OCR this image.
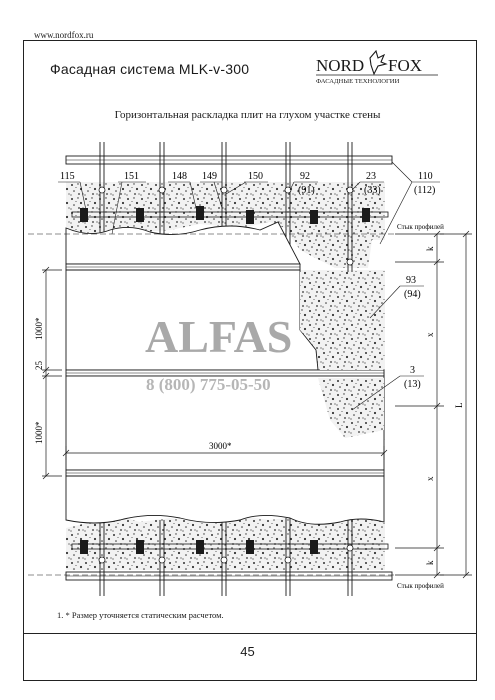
www.nordfox.ru
Фасадная система MLK-v-300	NORD FOX
ФАСАДНЫЕ ТЕХНОЛОГИИ
Горизонтальная раскладка плит на глухом участке стены
ALFAS
8 (800) 775-05-50
115	151	148 149	150	92
(91)
23
(33)
110
(112)
93
(94)
3
(13)
Стык профилей
Стык профилей
k
x
x
k
L
1000*
25
1000*
3000*
1. * Размер уточняется статическим расчетом.
45
